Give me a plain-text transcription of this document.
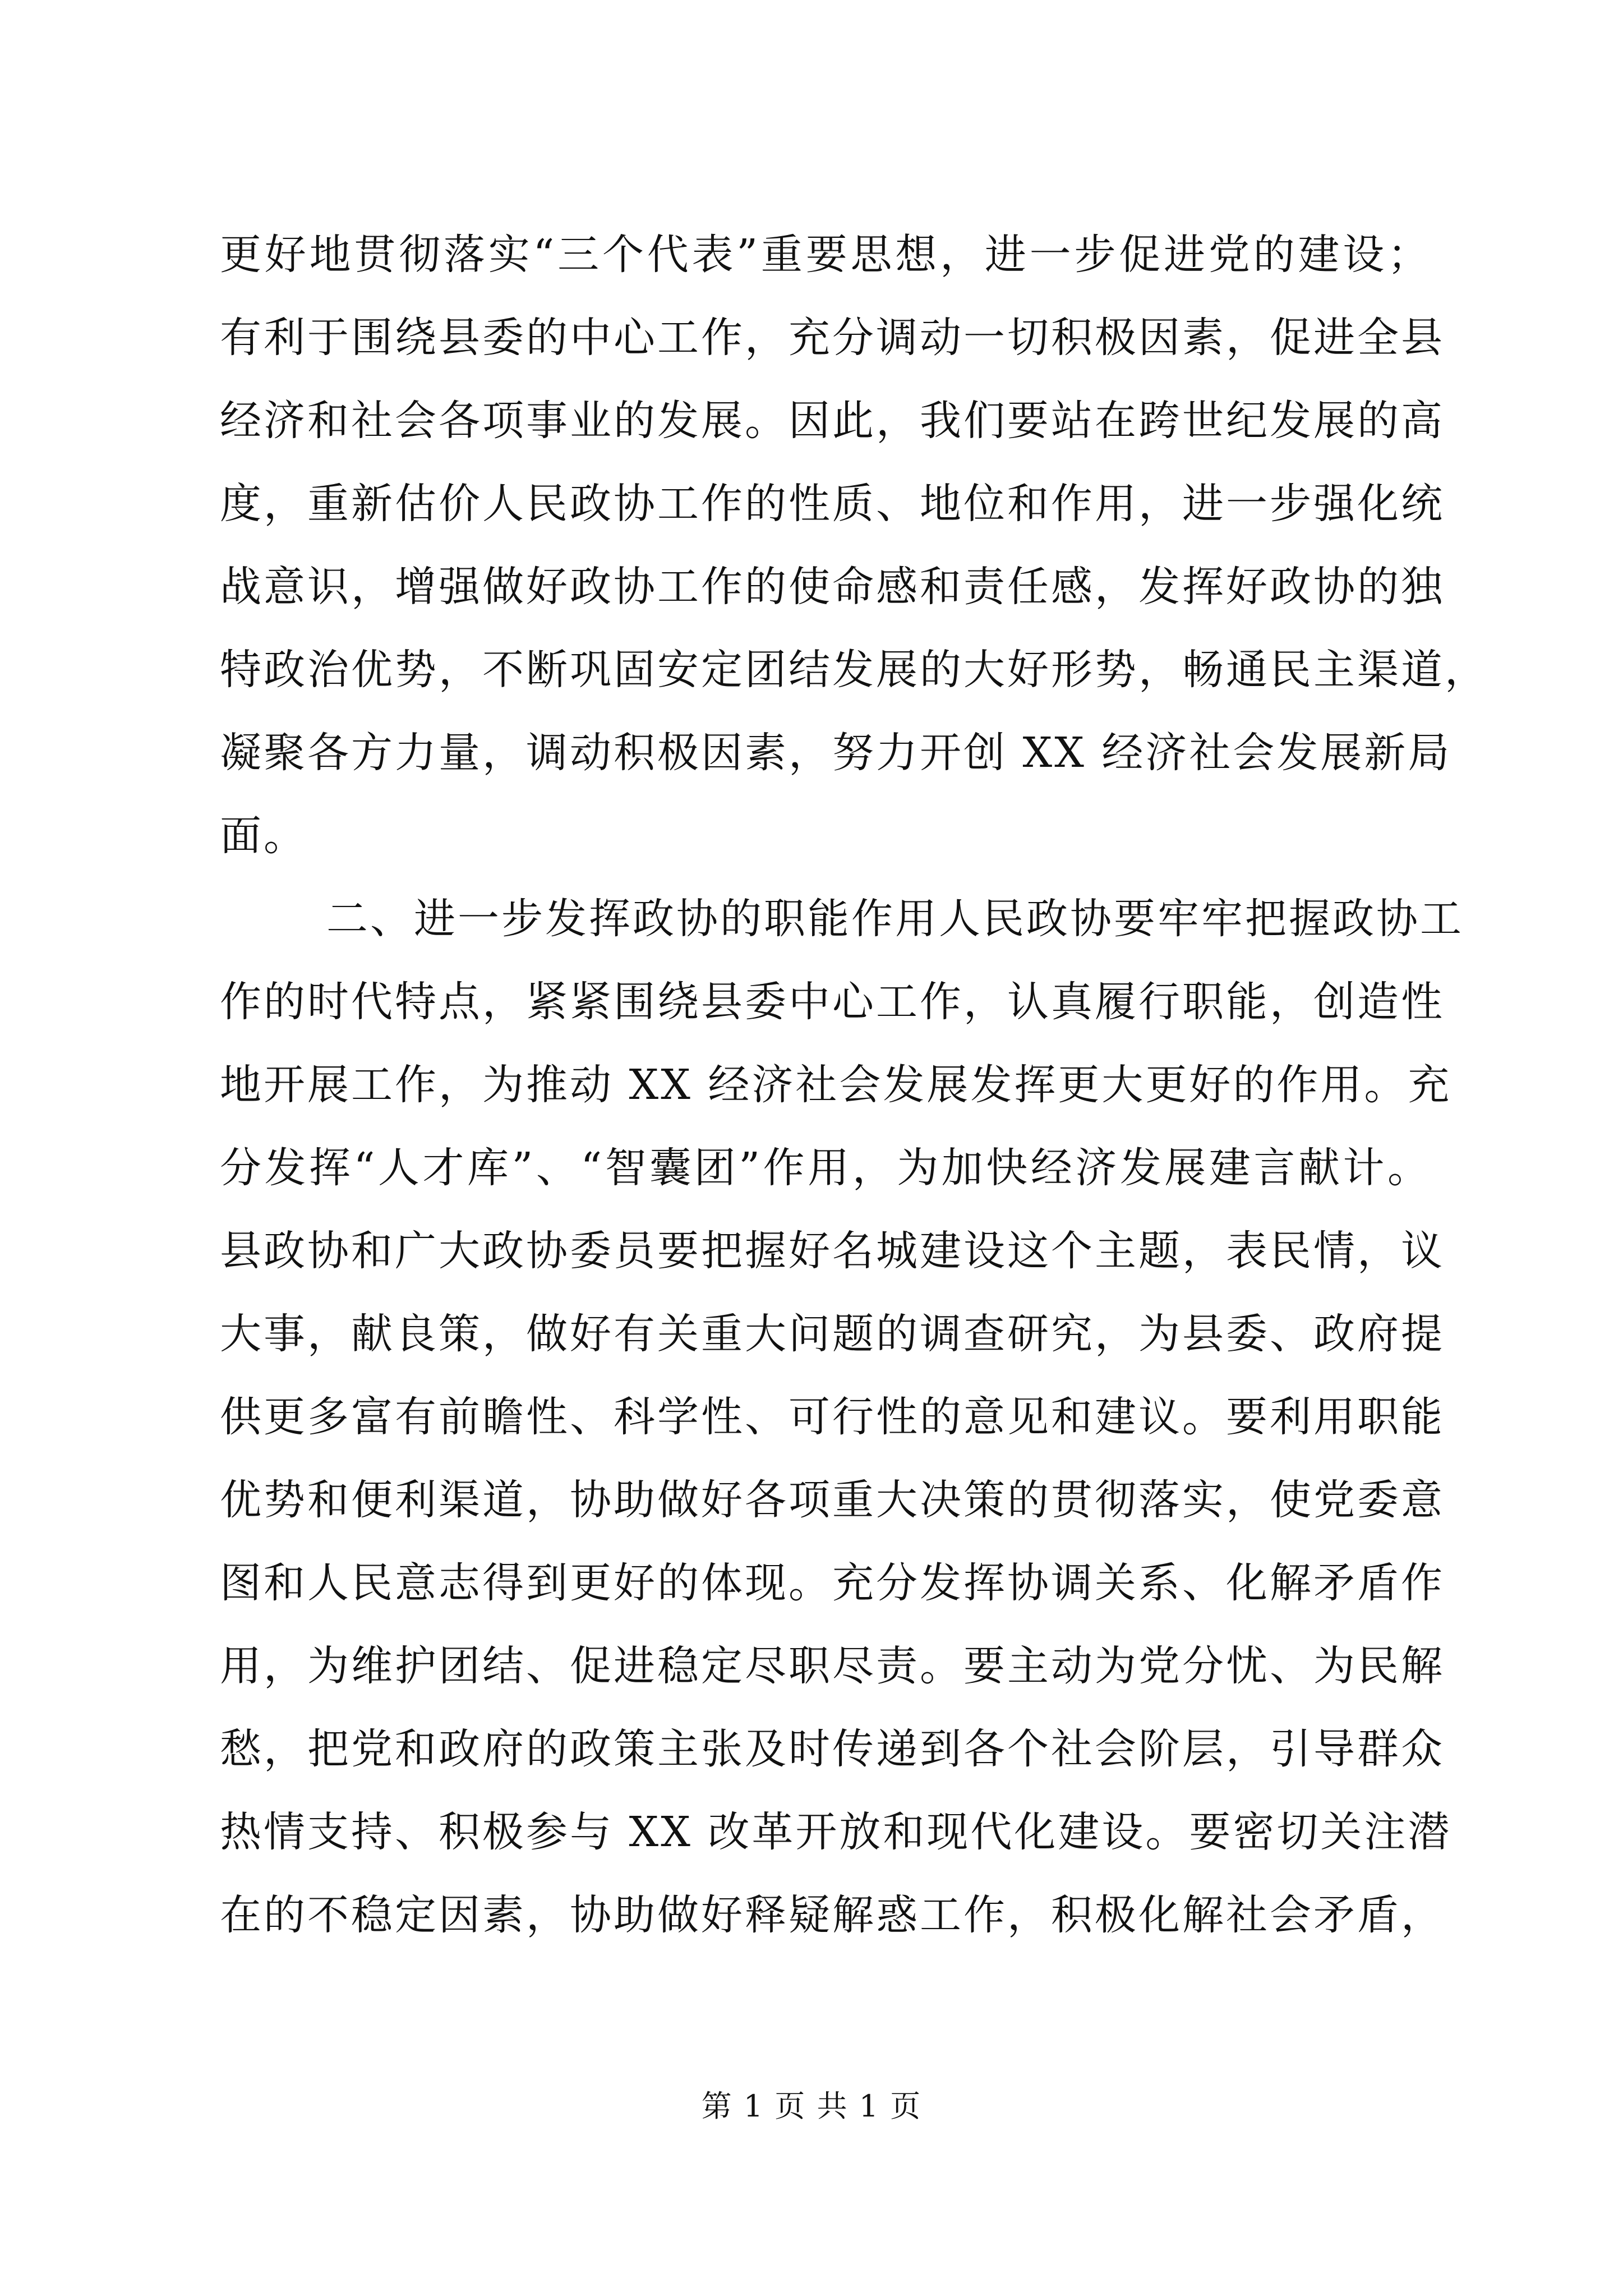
更好地贯彻落实“三个代表”重要思想，进一步促进党的建设；
有利于围绕县委的中心工作，充分调动一切积极因素，促进全县
经济和社会各项事业的发展。因此，我们要站在跨世纪发展的高
度，重新估价人民政协工作的性质、地位和作用，进一步强化统
战意识，增强做好政协工作的使命感和责任感，发挥好政协的独
特政治优势，不断巩固安定团结发展的大好形势，畅通民主渠道，
凝聚各方力量，调动积极因素，努力开创 XX 经济社会发展新局
面。
二、进一步发挥政协的职能作用人民政协要牢牢把握政协工
作的时代特点，紧紧围绕县委中心工作，认真履行职能，创造性
地开展工作，为推动 XX 经济社会发展发挥更大更好的作用。充
分发挥“人才库”、“智囊团”作用，为加快经济发展建言献计。
县政协和广大政协委员要把握好名城建设这个主题，表民情，议
大事，献良策，做好有关重大问题的调查研究，为县委、政府提
供更多富有前瞻性、科学性、可行性的意见和建议。要利用职能
优势和便利渠道，协助做好各项重大决策的贯彻落实，使党委意
图和人民意志得到更好的体现。充分发挥协调关系、化解矛盾作
用，为维护团结、促进稳定尽职尽责。要主动为党分忧、为民解
愁，把党和政府的政策主张及时传递到各个社会阶层，引导群众
热情支持、积极参与 XX 改革开放和现代化建设。要密切关注潜
在的不稳定因素，协助做好释疑解惑工作，积极化解社会矛盾，
第 1 页 共 1 页
